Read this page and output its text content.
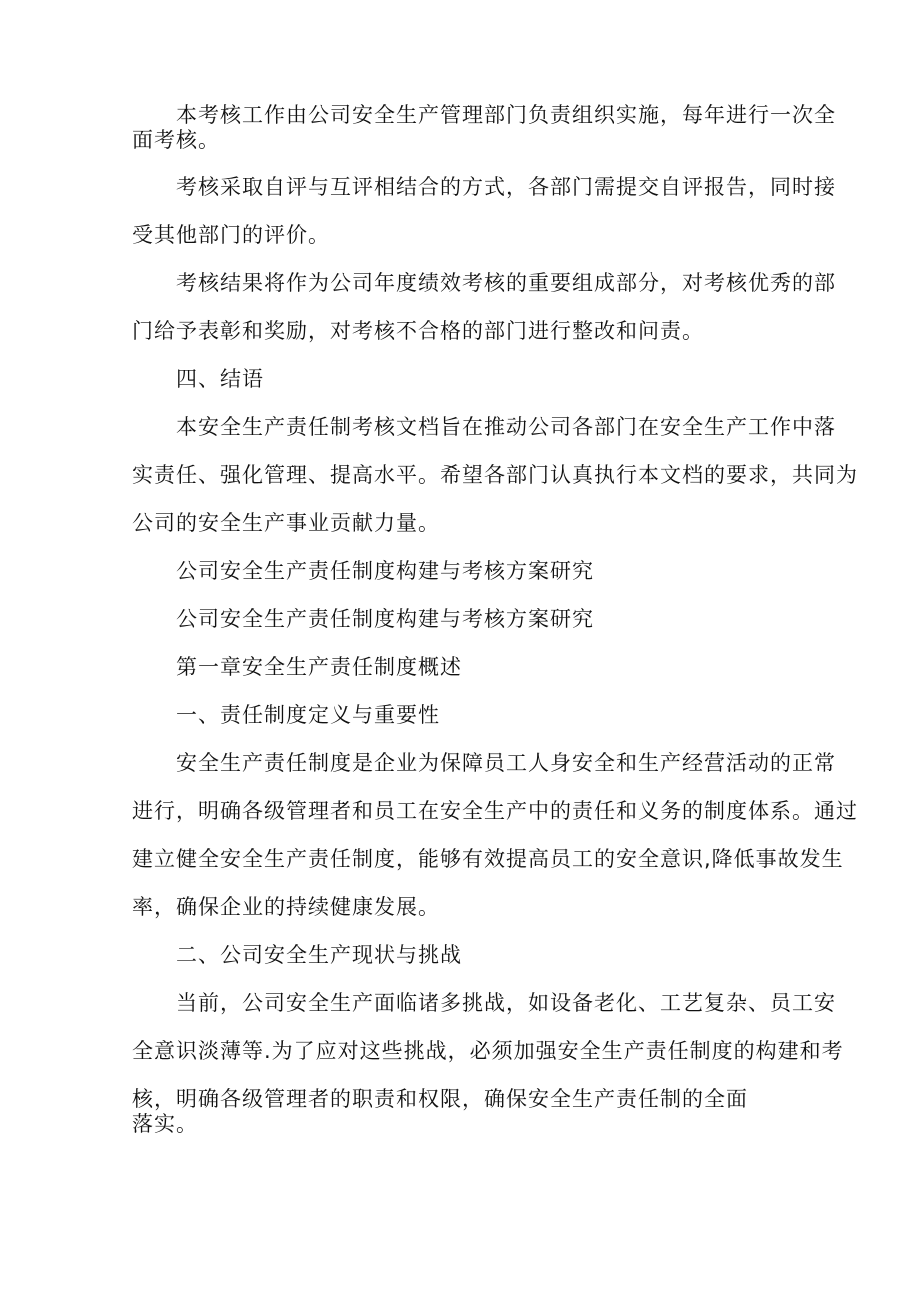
本考核工作由公司安全生产管理部门负责组织实施，每年进行一次全
面考核。
考核采取自评与互评相结合的方式，各部门需提交自评报告，同时接
受其他部门的评价。
考核结果将作为公司年度绩效考核的重要组成部分，对考核优秀的部
门给予表彰和奖励，对考核不合格的部门进行整改和问责。
四、结语
本安全生产责任制考核文档旨在推动公司各部门在安全生产工作中落
实责任、强化管理、提高水平。希望各部门认真执行本文档的要求，共同为
公司的安全生产事业贡献力量。
公司安全生产责任制度构建与考核方案研究
公司安全生产责任制度构建与考核方案研究
第一章安全生产责任制度概述
一、责任制度定义与重要性
安全生产责任制度是企业为保障员工人身安全和生产经营活动的正常
进行，明确各级管理者和员工在安全生产中的责任和义务的制度体系。通过
建立健全安全生产责任制度，能够有效提高员工的安全意识,降低事故发生
率，确保企业的持续健康发展。
二、公司安全生产现状与挑战
当前，公司安全生产面临诸多挑战，如设备老化、工艺复杂、员工安
全意识淡薄等.为了应对这些挑战，必须加强安全生产责任制度的构建和考
核，明确各级管理者的职责和权限，确保安全生产责任制的全面
落实。
